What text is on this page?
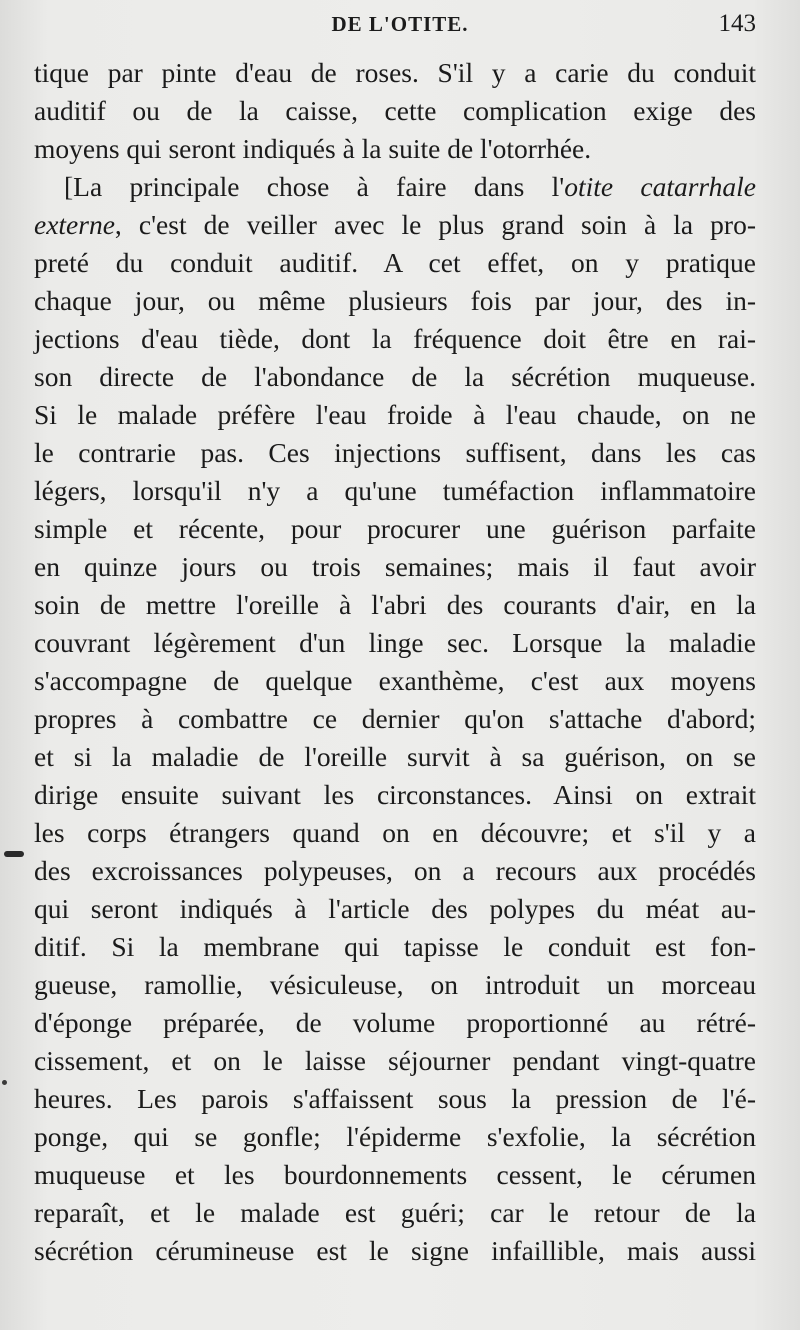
DE L'OTITE.	143
tique par pinte d'eau de roses. S'il y a carie du conduit
auditif ou de la caisse, cette complication exige des
moyens qui seront indiqués à la suite de l'otorrhée.
[La principale chose à faire dans l'otite catarrhale
externe, c'est de veiller avec le plus grand soin à la pro-
preté du conduit auditif. A cet effet, on y pratique
chaque jour, ou même plusieurs fois par jour, des in-
jections d'eau tiède, dont la fréquence doit être en rai-
son directe de l'abondance de la sécrétion muqueuse.
Si le malade préfère l'eau froide à l'eau chaude, on ne
le contrarie pas. Ces injections suffisent, dans les cas
légers, lorsqu'il n'y a qu'une tuméfaction inflammatoire
simple et récente, pour procurer une guérison parfaite
en quinze jours ou trois semaines; mais il faut avoir
soin de mettre l'oreille à l'abri des courants d'air, en la
couvrant légèrement d'un linge sec. Lorsque la maladie
s'accompagne de quelque exanthème, c'est aux moyens
propres à combattre ce dernier qu'on s'attache d'abord;
et si la maladie de l'oreille survit à sa guérison, on se
dirige ensuite suivant les circonstances. Ainsi on extrait
les corps étrangers quand on en découvre; et s'il y a
des excroissances polypeuses, on a recours aux procédés
qui seront indiqués à l'article des polypes du méat au-
ditif. Si la membrane qui tapisse le conduit est fon-
gueuse, ramollie, vésiculeuse, on introduit un morceau
d'éponge préparée, de volume proportionné au rétré-
cissement, et on le laisse séjourner pendant vingt-quatre
heures. Les parois s'affaissent sous la pression de l'é-
ponge, qui se gonfle; l'épiderme s'exfolie, la sécrétion
muqueuse et les bourdonnements cessent, le cérumen
reparaît, et le malade est guéri; car le retour de la
sécrétion cérumineuse est le signe infaillible, mais aussi
